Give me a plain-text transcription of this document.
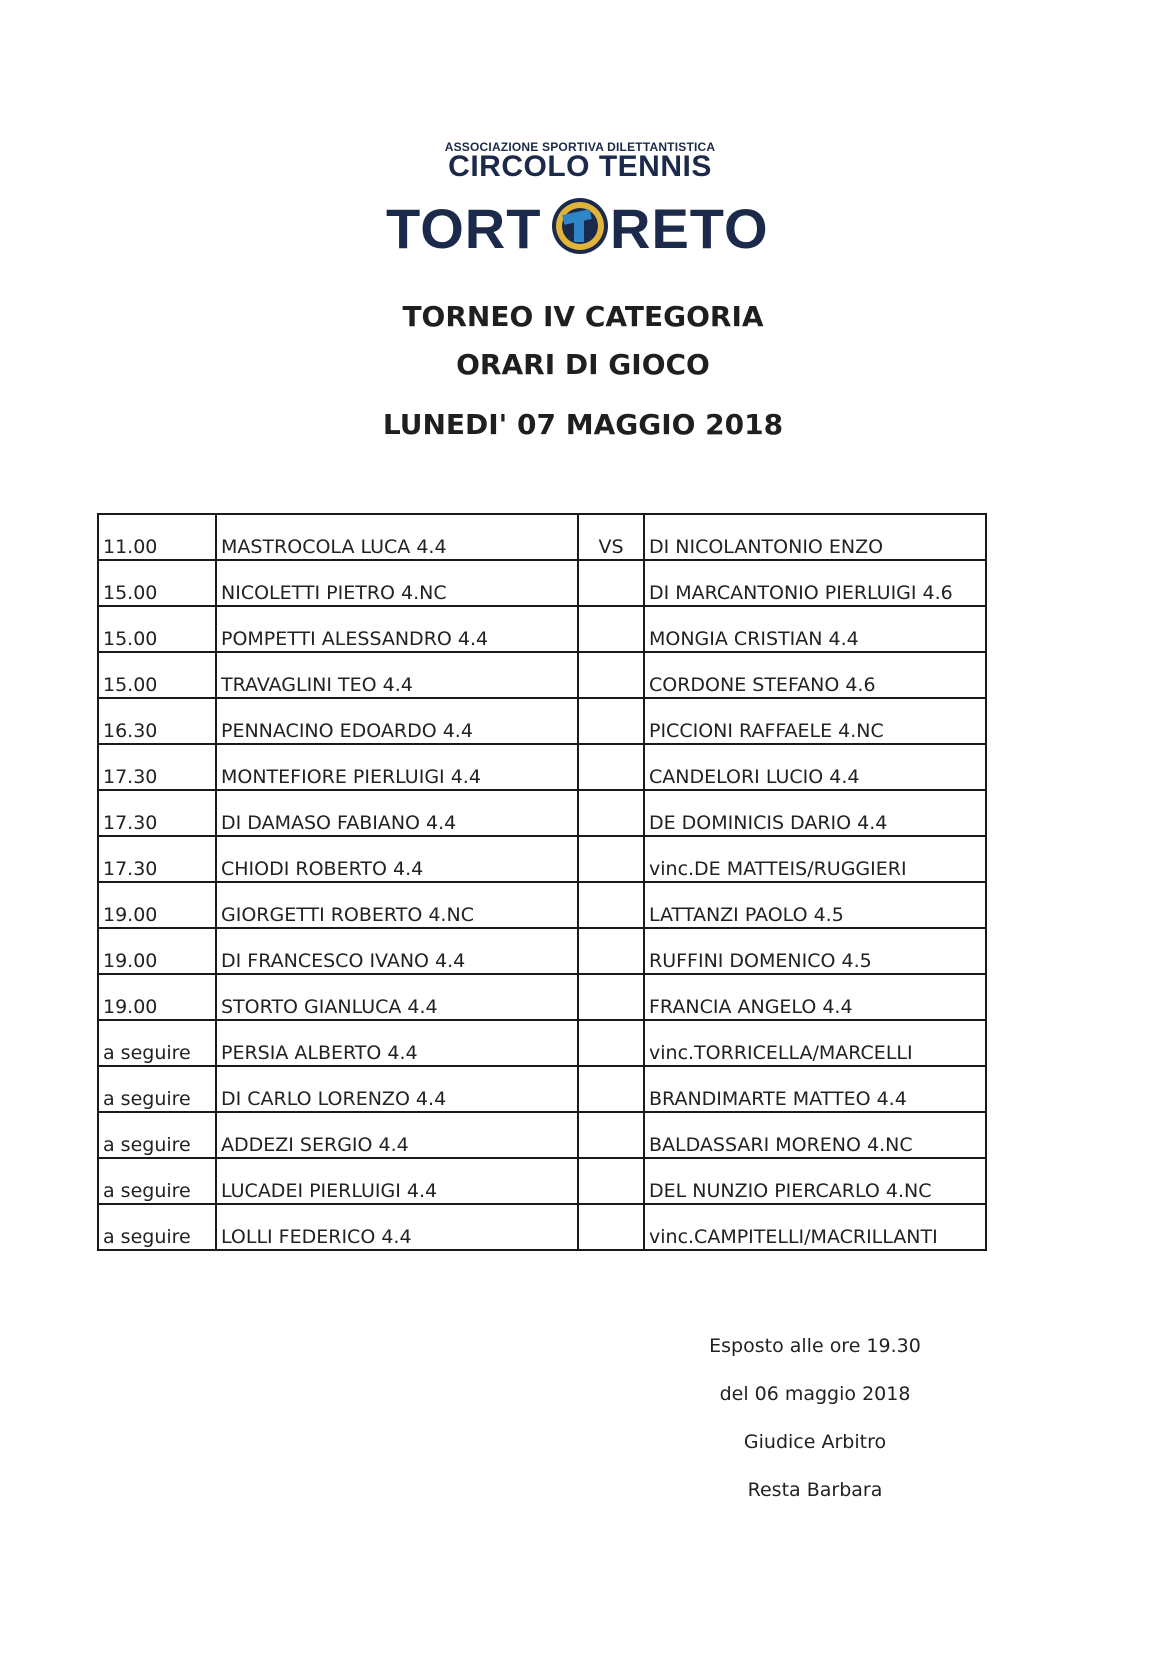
ASSOCIAZIONE SPORTIVA DILETTANTISTICA
CIRCOLO TENNIS
TORT RETO
TORNEO IV CATEGORIA
ORARI DI GIOCO
LUNEDI' 07 MAGGIO 2018
11.00	MASTROCOLA LUCA 4.4	VS	DI NICOLANTONIO ENZO
15.00	NICOLETTI PIETRO 4.NC		DI MARCANTONIO PIERLUIGI 4.6
15.00	POMPETTI ALESSANDRO 4.4		MONGIA CRISTIAN 4.4
15.00	TRAVAGLINI TEO 4.4		CORDONE STEFANO 4.6
16.30	PENNACINO EDOARDO 4.4		PICCIONI RAFFAELE 4.NC
17.30	MONTEFIORE PIERLUIGI 4.4		CANDELORI LUCIO 4.4
17.30	DI DAMASO FABIANO 4.4		DE DOMINICIS DARIO 4.4
17.30	CHIODI ROBERTO 4.4		vinc.DE MATTEIS/RUGGIERI
19.00	GIORGETTI ROBERTO 4.NC		LATTANZI PAOLO 4.5
19.00	DI FRANCESCO IVANO 4.4		RUFFINI DOMENICO 4.5
19.00	STORTO GIANLUCA 4.4		FRANCIA ANGELO 4.4
a seguire	PERSIA ALBERTO 4.4		vinc.TORRICELLA/MARCELLI
a seguire	DI CARLO LORENZO 4.4		BRANDIMARTE MATTEO 4.4
a seguire	ADDEZI SERGIO 4.4		BALDASSARI MORENO 4.NC
a seguire	LUCADEI PIERLUIGI 4.4		DEL NUNZIO PIERCARLO 4.NC
a seguire	LOLLI FEDERICO 4.4		vinc.CAMPITELLI/MACRILLANTI
Esposto alle ore 19.30
del 06 maggio 2018
Giudice Arbitro
Resta Barbara
